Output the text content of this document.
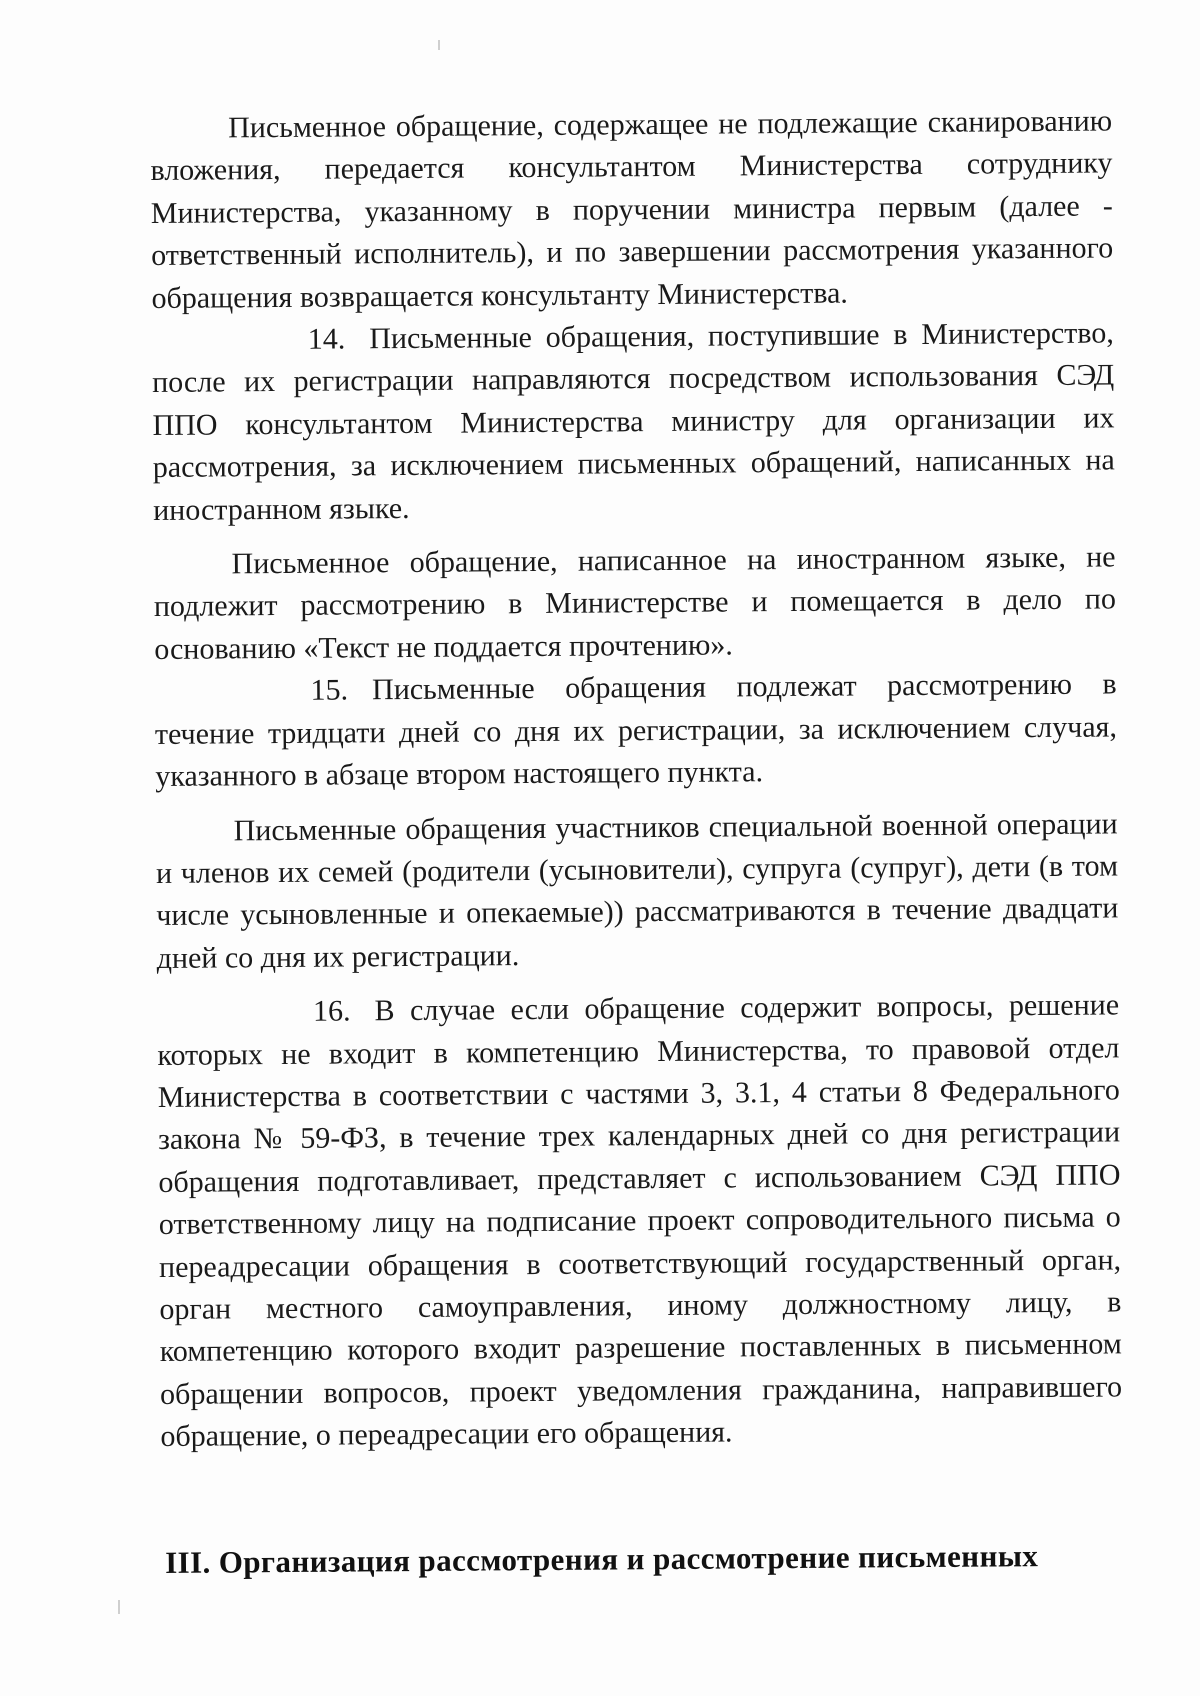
Письменное обращение, содержащее не подлежащие сканированию вложения, передается консультантом Министерства сотруднику Министерства, указанному в поручении министра первым (далее - ответственный исполнитель), и по завершении рассмотрения указанного обращения возвращается консультанту Министерства.

14. Письменные обращения, поступившие в Министерство, после их регистрации направляются посредством использования СЭД ППО консультантом Министерства министру для организации их рассмотрения, за исключением письменных обращений, написанных на иностранном языке.

Письменное обращение, написанное на иностранном языке, не подлежит рассмотрению в Министерстве и помещается в дело по основанию «Текст не поддается прочтению».

15. Письменные обращения подлежат рассмотрению в течение тридцати дней со дня их регистрации, за исключением случая, указанного в абзаце втором настоящего пункта.

Письменные обращения участников специальной военной операции и членов их семей (родители (усыновители), супруга (супруг), дети (в том числе усыновленные и опекаемые)) рассматриваются в течение двадцати дней со дня их регистрации.

16. В случае если обращение содержит вопросы, решение которых не входит в компетенцию Министерства, то правовой отдел Министерства в соответствии с частями 3, 3.1, 4 статьи 8 Федерального закона № 59-ФЗ, в течение трех календарных дней со дня регистрации обращения подготавливает, представляет с использованием СЭД ППО ответственному лицу на подписание проект сопроводительного письма о переадресации обращения в соответствующий государственный орган, орган местного самоуправления, иному должностному лицу, в компетенцию которого входит разрешение поставленных в письменном обращении вопросов, проект уведомления гражданина, направившего обращение, о переадресации его обращения.

III. Организация рассмотрения и рассмотрение письменных
